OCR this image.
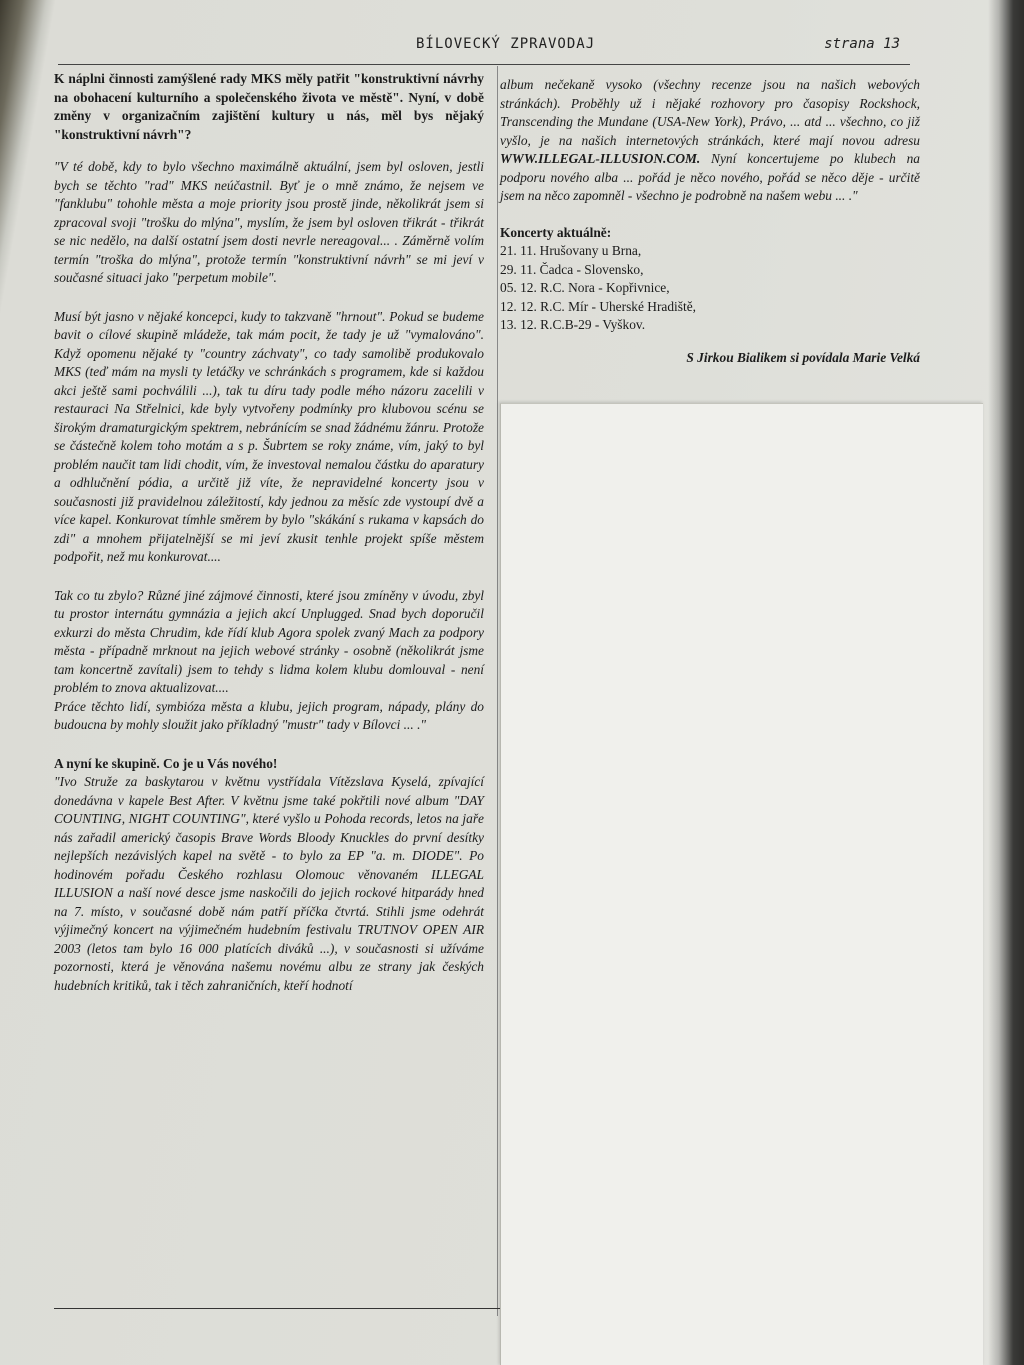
BÍLOVECKÝ ZPRAVODAJ	strana 13

K náplni činnosti zamýšlené rady MKS měly patřit "konstruktivní návrhy na obohacení kulturního a společenského života ve městě". Nyní, v době změny v organizačním zajištění kultury u nás, měl bys nějaký "konstruktivní návrh"?

"V té době, kdy to bylo všechno maximálně aktuální, jsem byl osloven, jestli bych se těchto "rad" MKS neúčastnil. Byť je o mně známo, že nejsem ve "fanklubu" tohohle města a moje priority jsou prostě jinde, několikrát jsem si zpracoval svoji "trošku do mlýna", myslím, že jsem byl osloven třikrát - třikrát se nic nedělo, na další ostatní jsem dosti nevrle nereagoval... . Záměrně volím termín "troška do mlýna", protože termín "konstruktivní návrh" se mi jeví v současné situaci jako "perpetum mobile".

Musí být jasno v nějaké koncepci, kudy to takzvaně "hrnout". Pokud se budeme bavit o cílové skupině mládeže, tak mám pocit, že tady je už "vymalováno". Když opomenu nějaké ty "country záchvaty", co tady samolibě produkovalo MKS (teď mám na mysli ty letáčky ve schránkách s programem, kde si každou akci ještě sami pochválili ...), tak tu díru tady podle mého názoru zacelili v restauraci Na Střelnici, kde byly vytvořeny podmínky pro klubovou scénu se širokým dramaturgickým spektrem, nebránícím se snad žádnému žánru. Protože se částečně kolem toho motám a s p. Šubrtem se roky známe, vím, jaký to byl problém naučit tam lidi chodit, vím, že investoval nemalou částku do aparatury a odhlučnění pódia, a určitě již víte, že nepravidelné koncerty jsou v současnosti již pravidelnou záležitostí, kdy jednou za měsíc zde vystoupí dvě a více kapel. Konkurovat tímhle směrem by bylo "skákání s rukama v kapsách do zdi" a mnohem přijatelnější se mi jeví zkusit tenhle projekt spíše městem podpořit, než mu konkurovat....

Tak co tu zbylo? Různé jiné zájmové činnosti, které jsou zmíněny v úvodu, zbyl tu prostor internátu gymnázia a jejich akcí Unplugged. Snad bych doporučil exkurzi do města Chrudim, kde řídí klub Agora spolek zvaný Mach za podpory města - případně mrknout na jejich webové stránky - osobně (několikrát jsme tam koncertně zavítali) jsem to tehdy s lidma kolem klubu domlouval - není problém to znova aktualizovat....

Práce těchto lidí, symbióza města a klubu, jejich program, nápady, plány do budoucna by mohly sloužit jako příkladný "mustr" tady v Bílovci ... ."

A nyní ke skupině. Co je u Vás nového!

"Ivo Struže za baskytarou v květnu vystřídala Vítězslava Kyselá, zpívající donedávna v kapele Best After. V květnu jsme také pokřtili nové album "DAY COUNTING, NIGHT COUNTING", které vyšlo u Pohoda records, letos na jaře nás zařadil americký časopis Brave Words Bloody Knuckles do první desítky nejlepších nezávislých kapel na světě - to bylo za EP "a. m. DIODE". Po hodinovém pořadu Českého rozhlasu Olomouc věnovaném ILLEGAL ILLUSION a naší nové desce jsme naskočili do jejich rockové hitparády hned na 7. místo, v současné době nám patří příčka čtvrtá. Stihli jsme odehrát výjimečný koncert na výjimečném hudebním festivalu TRUTNOV OPEN AIR 2003 (letos tam bylo 16 000 platících diváků ...), v současnosti si užíváme pozornosti, která je věnována našemu novému albu ze strany jak českých hudebních kritiků, tak i těch zahraničních, kteří hodnotí

album nečekaně vysoko (všechny recenze jsou na našich webových stránkách). Proběhly už i nějaké rozhovory pro časopisy Rockshock, Transcending the Mundane (USA-New York), Právo, ... atd ... všechno, co již vyšlo, je na našich internetových stránkách, které mají novou adresu WWW.ILLEGAL-ILLUSION.COM. Nyní koncertujeme po klubech na podporu nového alba ... pořád je něco nového, pořád se něco děje - určitě jsem na něco zapomněl - všechno je podrobně na našem webu ... ."

Koncerty aktuálně:

21. 11. Hrušovany u Brna,

29. 11. Čadca - Slovensko,

05. 12. R.C. Nora - Kopřivnice,

12. 12. R.C. Mír - Uherské Hradiště,

13. 12. R.C.B-29 - Vyškov.

S Jirkou Bialikem si povídala Marie Velká
